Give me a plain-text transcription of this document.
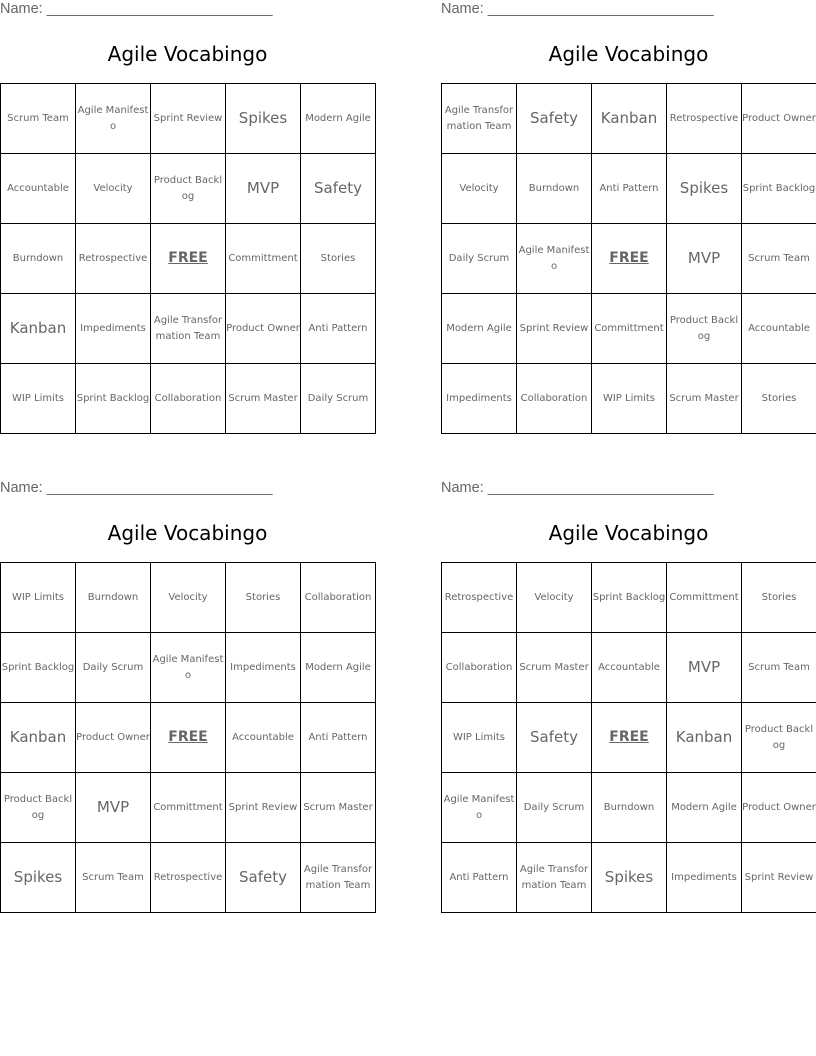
Name: ____________________________
Agile Vocabingo
Scrum Team	Agile Manifesto	Sprint Review	Spikes	Modern Agile
Accountable	Velocity	Product Backlog	MVP	Safety
Burndown	Retrospective	FREE	Committment	Stories
Kanban	Impediments	Agile Transformation Team	Product Owner	Anti Pattern
WIP Limits	Sprint Backlog	Collaboration	Scrum Master	Daily Scrum
Name: ____________________________
Agile Vocabingo
Agile Transformation Team	Safety	Kanban	Retrospective	Product Owner
Velocity	Burndown	Anti Pattern	Spikes	Sprint Backlog
Daily Scrum	Agile Manifesto	FREE	MVP	Scrum Team
Modern Agile	Sprint Review	Committment	Product Backlog	Accountable
Impediments	Collaboration	WIP Limits	Scrum Master	Stories
Name: ____________________________
Agile Vocabingo
WIP Limits	Burndown	Velocity	Stories	Collaboration
Sprint Backlog	Daily Scrum	Agile Manifesto	Impediments	Modern Agile
Kanban	Product Owner	FREE	Accountable	Anti Pattern
Product Backlog	MVP	Committment	Sprint Review	Scrum Master
Spikes	Scrum Team	Retrospective	Safety	Agile Transformation Team
Name: ____________________________
Agile Vocabingo
Retrospective	Velocity	Sprint Backlog	Committment	Stories
Collaboration	Scrum Master	Accountable	MVP	Scrum Team
WIP Limits	Safety	FREE	Kanban	Product Backlog
Agile Manifesto	Daily Scrum	Burndown	Modern Agile	Product Owner
Anti Pattern	Agile Transformation Team	Spikes	Impediments	Sprint Review
